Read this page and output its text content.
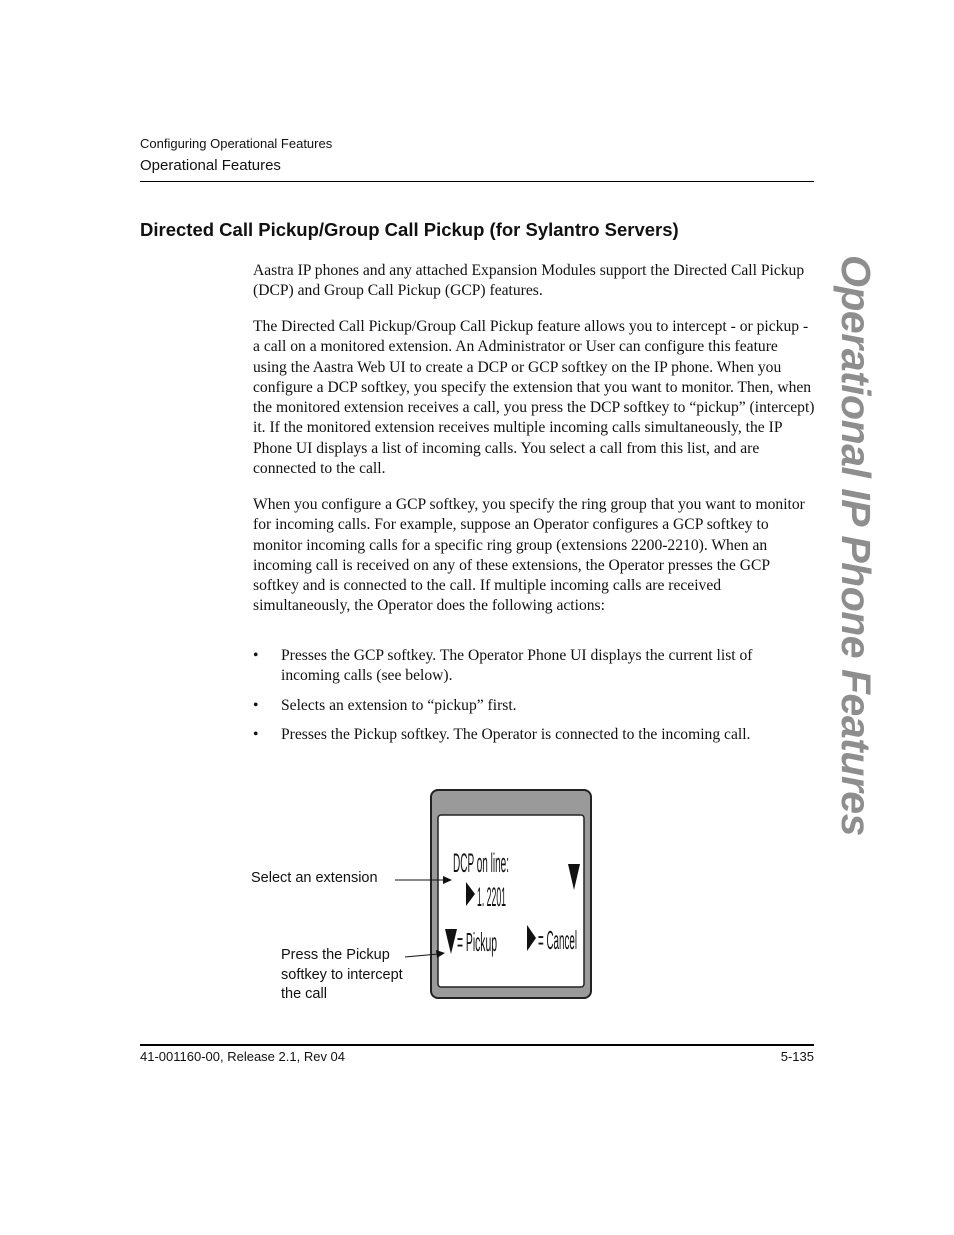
Configuring Operational Features
Operational Features
Operational IP Phone Features
Directed Call Pickup/Group Call Pickup (for Sylantro Servers)

Aastra IP phones and any attached Expansion Modules support the Directed Call Pickup (DCP) and Group Call Pickup (GCP) features.

The Directed Call Pickup/Group Call Pickup feature allows you to intercept - or pickup - a call on a monitored extension. An Administrator or User can configure this feature using the Aastra Web UI to create a DCP or GCP softkey on the IP phone. When you configure a DCP softkey, you specify the extension that you want to monitor. Then, when the monitored extension receives a call, you press the DCP softkey to “pickup” (intercept) it. If the monitored extension receives multiple incoming calls simultaneously, the IP Phone UI displays a list of incoming calls. You select a call from this list, and are connected to the call.

When you configure a GCP softkey, you specify the ring group that you want to monitor for incoming calls. For example, suppose an Operator configures a GCP softkey to monitor incoming calls for a specific ring group (extensions 2200-2210). When an incoming call is received on any of these extensions, the Operator presses the GCP softkey and is connected to the call. If multiple incoming calls are received simultaneously, the Operator does the following actions:

• Presses the GCP softkey. The Operator Phone UI displays the current list of incoming calls (see below).
• Selects an extension to “pickup” first.
• Presses the Pickup softkey. The Operator is connected to the incoming call.
DCP on line:
1. 2201
= Pickup = Cancel
Select an extension
Press the Pickup
softkey to intercept
the call
41-001160-00, Release 2.1, Rev 04	5-135
